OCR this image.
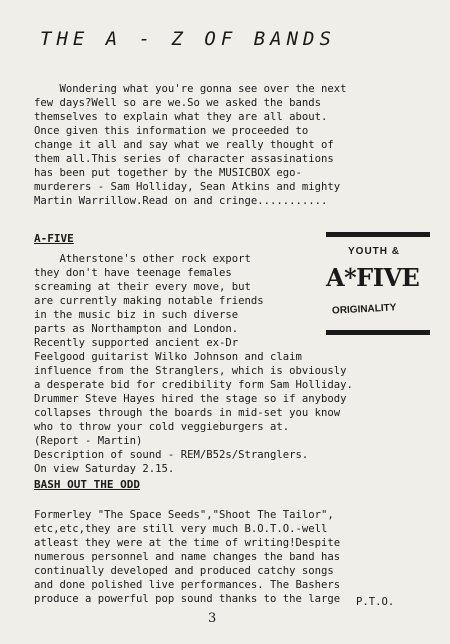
THE A - Z OF BANDS
Wondering what you're gonna see over the next
few days?Well so are we.So we asked the bands
themselves to explain what they are all about.
Once given this information we proceeded to
change it all and say what we really thought of
them all.This series of character assasinations
has been put together by the MUSICBOX ego-
murderers - Sam Holliday, Sean Atkins and mighty
Martin Warrillow.Read on and cringe...........
A-FIVE
YOUTH &
A*FIVE
ORIGINALITY
Atherstone's other rock export
they don't have teenage females
screaming at their every move, but
are currently making notable friends
in the music biz in such diverse
parts as Northampton and London.
Recently supported ancient ex-Dr
Feelgood guitarist Wilko Johnson and claim
influence from the Stranglers, which is obviously
a desperate bid for credibility form Sam Holliday.
Drummer Steve Hayes hired the stage so if anybody
collapses through the boards in mid-set you know
who to throw your cold veggieburgers at.
(Report - Martin)
Description of sound - REM/B52s/Stranglers.
On view Saturday 2.15.
BASH OUT THE ODD
Formerley "The Space Seeds","Shoot The Tailor",
etc,etc,they are still very much B.O.T.O.-well
atleast they were at the time of writing!Despite
numerous personnel and name changes the band has
continually developed and produced catchy songs
and done polished live performances. The Bashers
produce a powerful pop sound thanks to the large P.T.O.
3
